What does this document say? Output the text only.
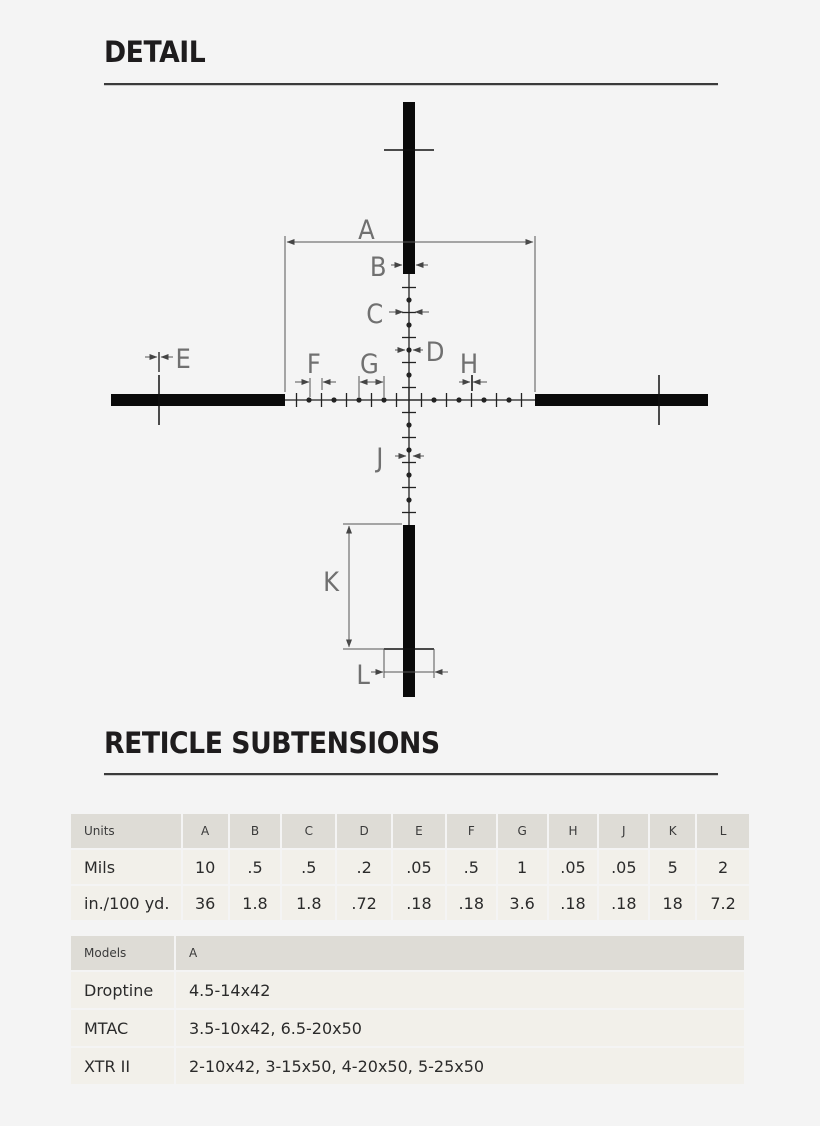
DETAIL
A
B
C
D
E	F G	H
J
K
L
RETICLE SUBTENSIONS
Units	A	B	C	D	E	F	G	H	J	K	L
Mils	10	.5	.5	.2	.05	.5	1	.05	.05	5	2
in./100 yd.	36	1.8	1.8	.72	.18	.18	3.6	.18	.18	18	7.2
Models	A
Droptine	4.5-14x42
MTAC	3.5-10x42, 6.5-20x50
XTR II	2-10x42, 3-15x50, 4-20x50, 5-25x50
